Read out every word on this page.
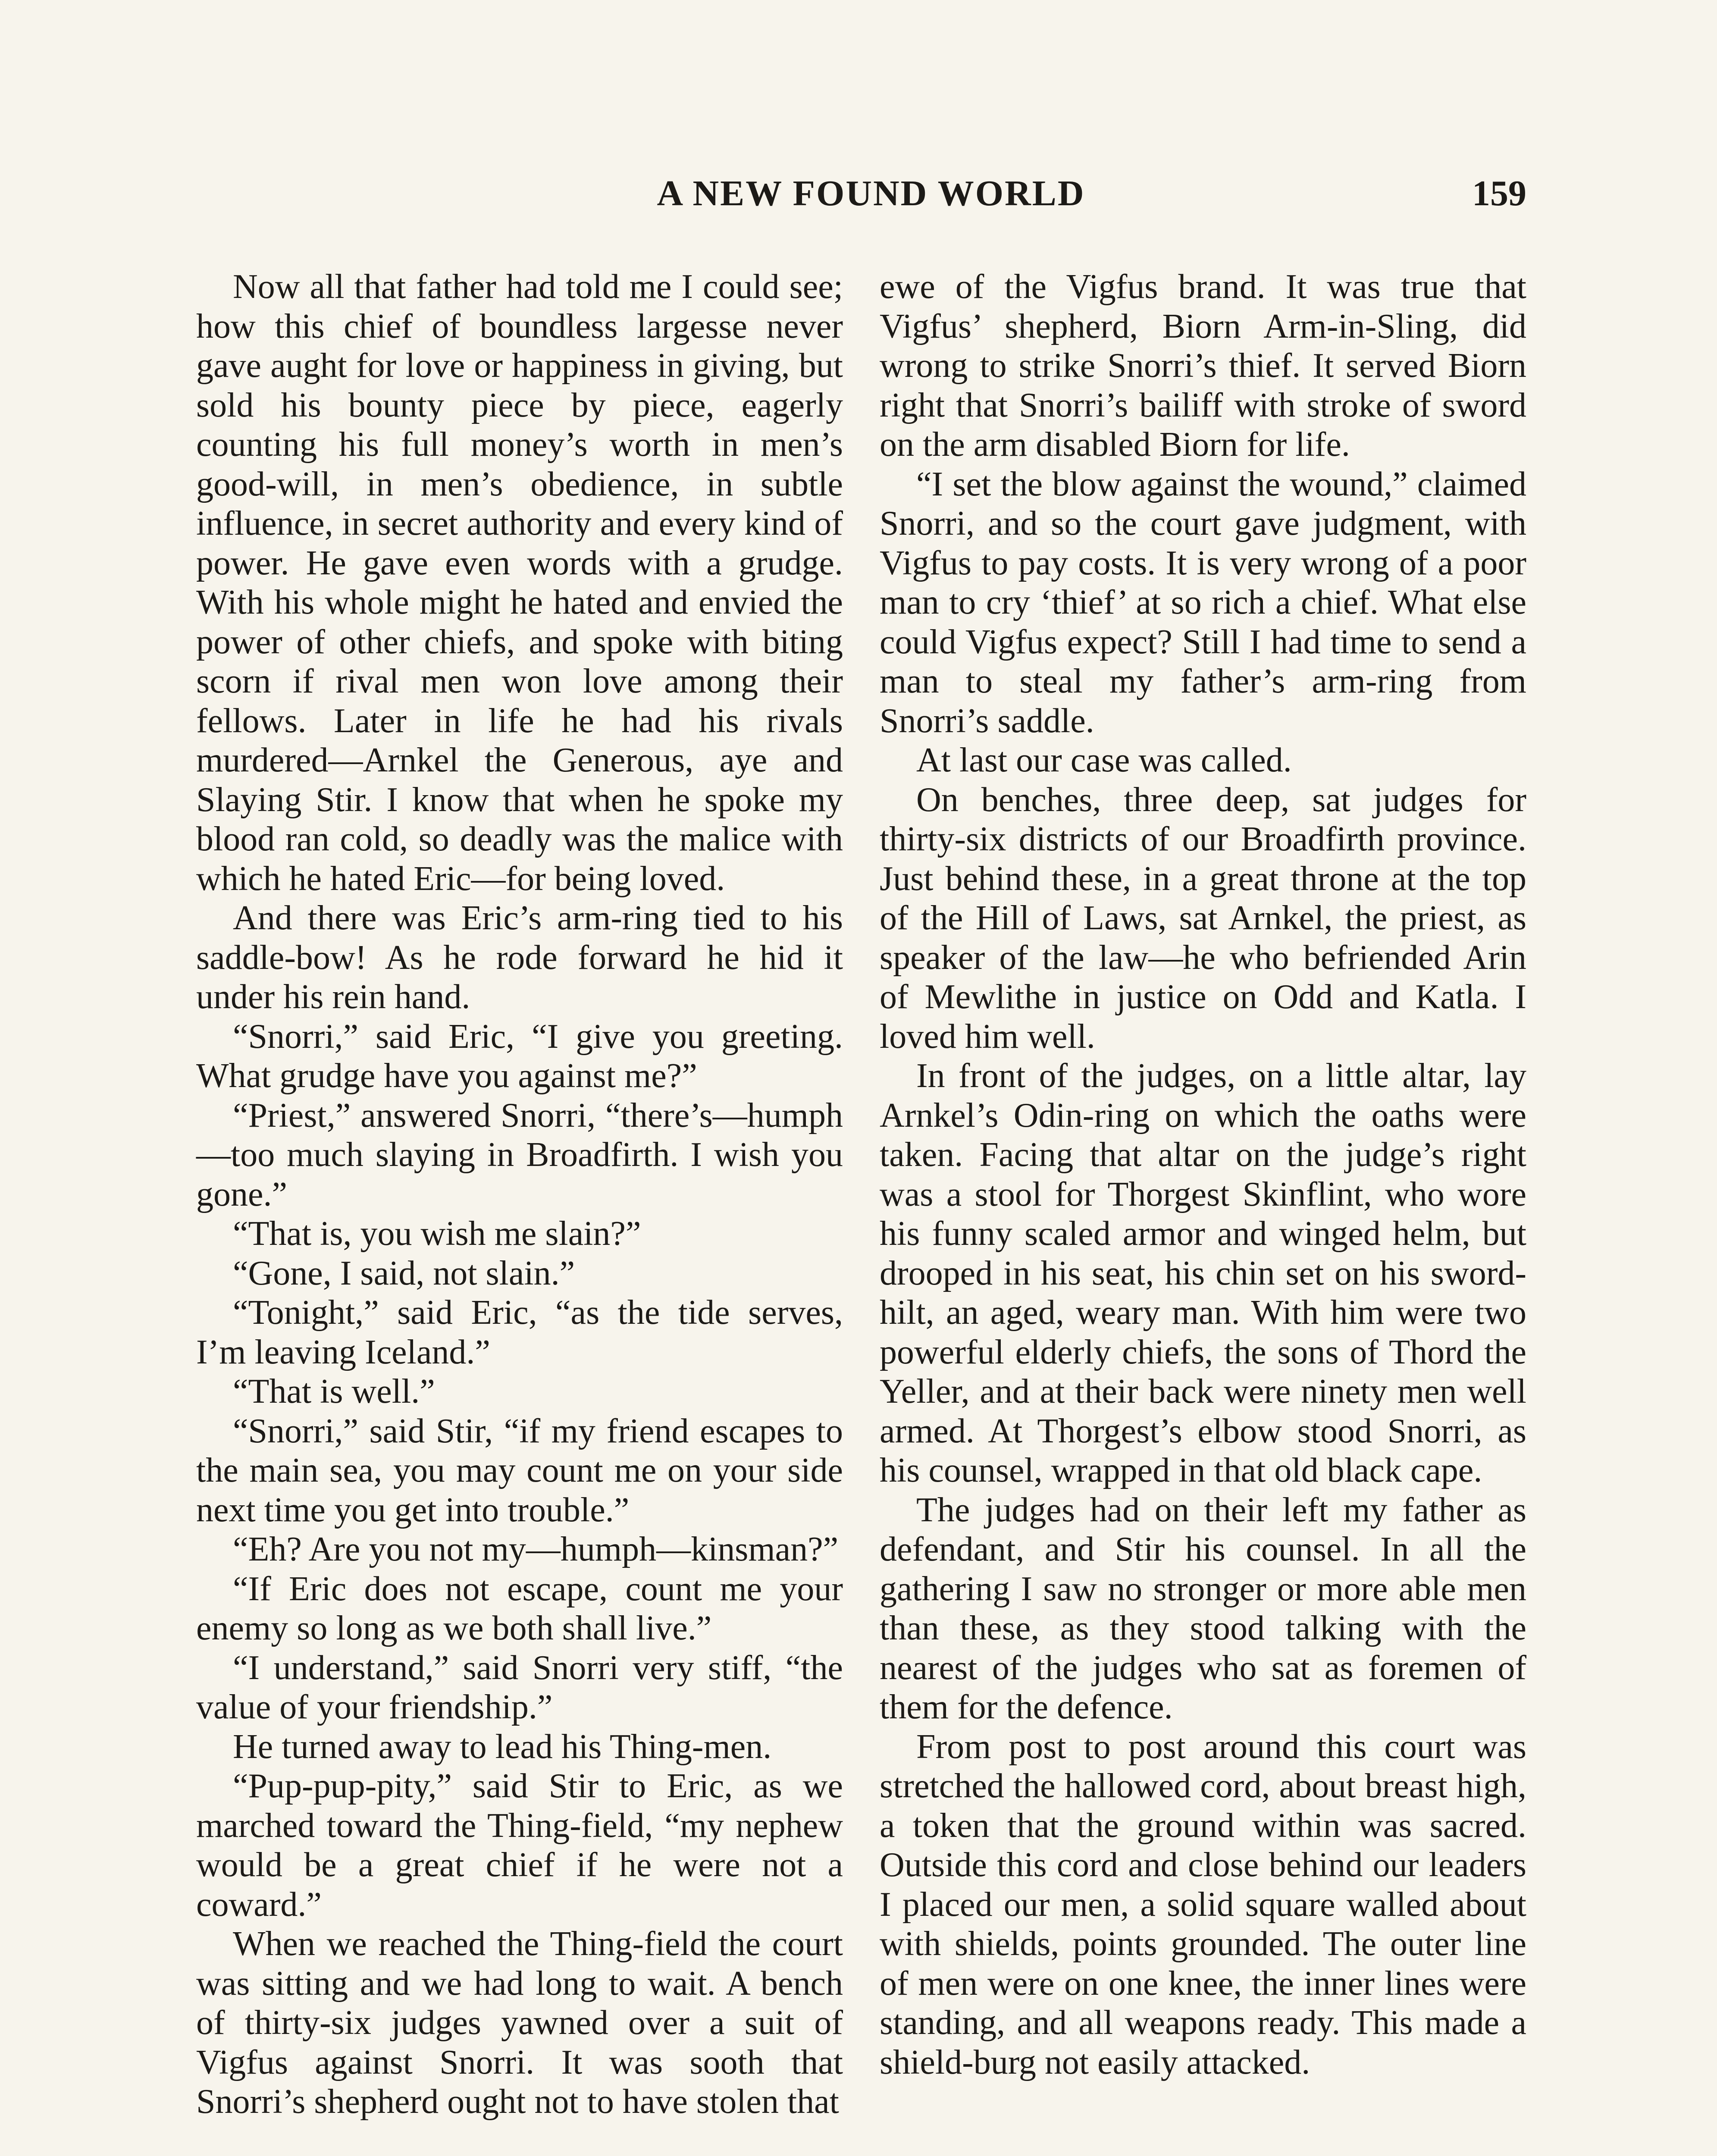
A NEW FOUND WORLD	159

Now all that father had told me I could see; how this chief of boundless largesse never gave aught for love or happiness in giving, but sold his bounty piece by piece, eagerly counting his full money’s worth in men’s good-will, in men’s obedience, in subtle influence, in secret authority and every kind of power. He gave even words with a grudge. With his whole might he hated and envied the power of other chiefs, and spoke with biting scorn if rival men won love among their fellows. Later in life he had his rivals murdered—Arnkel the Generous, aye and Slaying Stir. I know that when he spoke my blood ran cold, so deadly was the malice with which he hated Eric—for being loved.

And there was Eric’s arm-ring tied to his saddle-bow! As he rode forward he hid it under his rein hand.

“Snorri,” said Eric, “I give you greeting. What grudge have you against me?”

“Priest,” answered Snorri, “there’s—humph—too much slaying in Broadfirth. I wish you gone.”

“That is, you wish me slain?”

“Gone, I said, not slain.”

“Tonight,” said Eric, “as the tide serves, I’m leaving Iceland.”

“That is well.”

“Snorri,” said Stir, “if my friend escapes to the main sea, you may count me on your side next time you get into trouble.”

“Eh? Are you not my—humph—kinsman?”

“If Eric does not escape, count me your enemy so long as we both shall live.”

“I understand,” said Snorri very stiff, “the value of your friendship.”

He turned away to lead his Thing-men.

“Pup-pup-pity,” said Stir to Eric, as we marched toward the Thing-field, “my nephew would be a great chief if he were not a coward.”

When we reached the Thing-field the court was sitting and we had long to wait. A bench of thirty-six judges yawned over a suit of Vigfus against Snorri. It was sooth that Snorri’s shepherd ought not to have stolen that

ewe of the Vigfus brand. It was true that Vigfus’ shepherd, Biorn Arm-in-Sling, did wrong to strike Snorri’s thief. It served Biorn right that Snorri’s bailiff with stroke of sword on the arm disabled Biorn for life.

“I set the blow against the wound,” claimed Snorri, and so the court gave judgment, with Vigfus to pay costs. It is very wrong of a poor man to cry ‘thief’ at so rich a chief. What else could Vigfus expect? Still I had time to send a man to steal my father’s arm-ring from Snorri’s saddle.

At last our case was called.

On benches, three deep, sat judges for thirty-six districts of our Broadfirth province. Just behind these, in a great throne at the top of the Hill of Laws, sat Arnkel, the priest, as speaker of the law—he who befriended Arin of Mewlithe in justice on Odd and Katla. I loved him well.

In front of the judges, on a little altar, lay Arnkel’s Odin-ring on which the oaths were taken. Facing that altar on the judge’s right was a stool for Thorgest Skinflint, who wore his funny scaled armor and winged helm, but drooped in his seat, his chin set on his sword-hilt, an aged, weary man. With him were two powerful elderly chiefs, the sons of Thord the Yeller, and at their back were ninety men well armed. At Thorgest’s elbow stood Snorri, as his counsel, wrapped in that old black cape.

The judges had on their left my father as defendant, and Stir his counsel. In all the gathering I saw no stronger or more able men than these, as they stood talking with the nearest of the judges who sat as foremen of them for the defence.

From post to post around this court was stretched the hallowed cord, about breast high, a token that the ground within was sacred. Outside this cord and close behind our leaders I placed our men, a solid square walled about with shields, points grounded. The outer line of men were on one knee, the inner lines were standing, and all weapons ready. This made a shield-burg not easily attacked.
